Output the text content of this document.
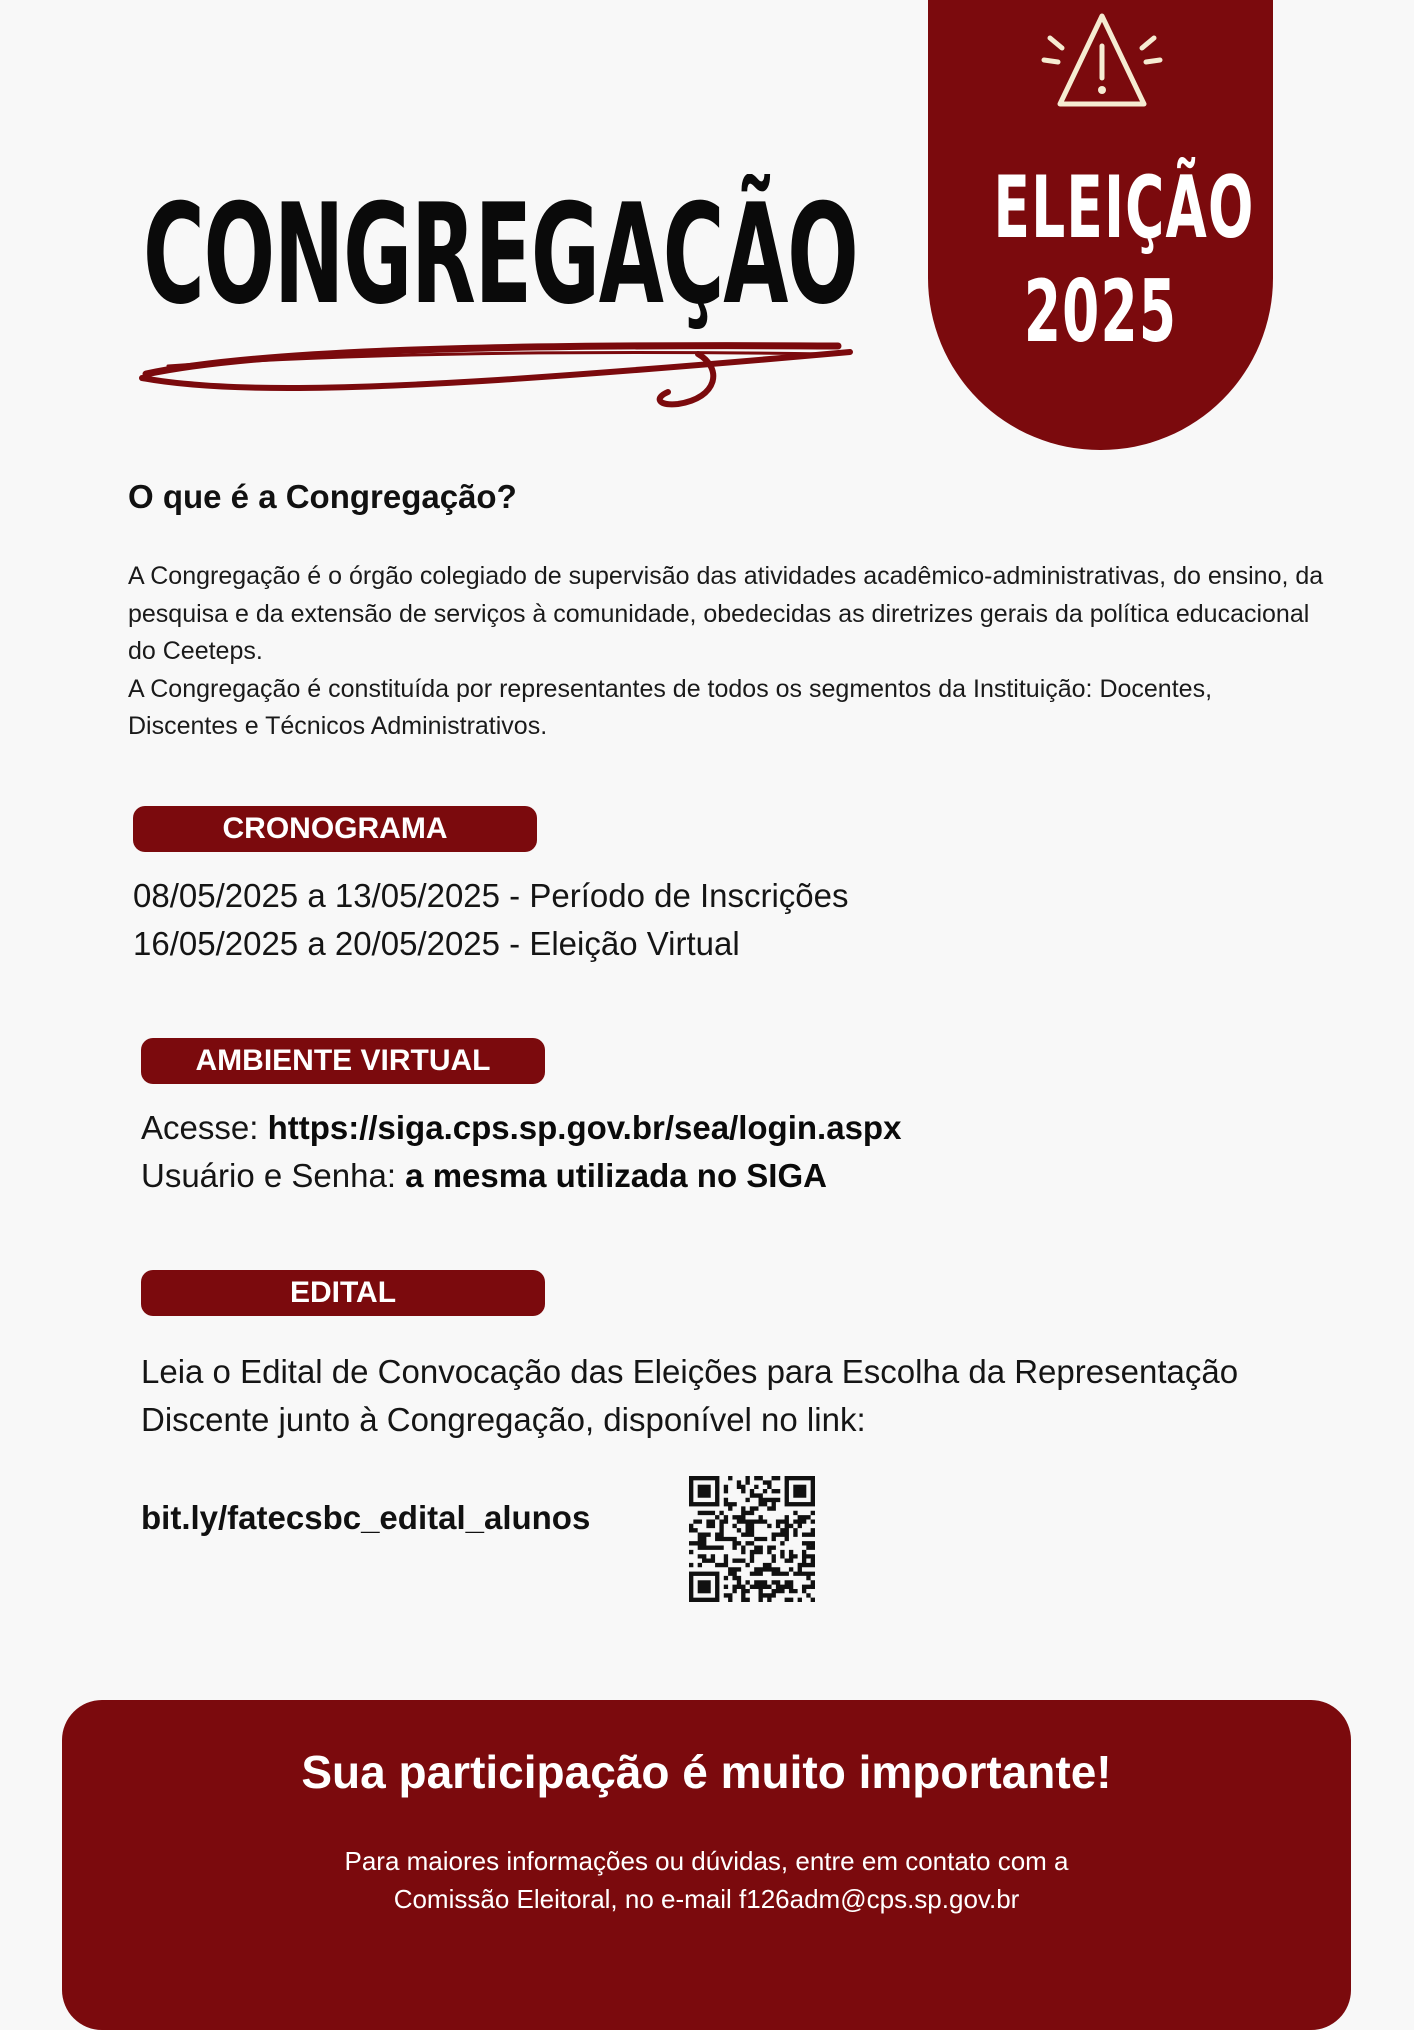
ELEIÇÃO
2025
CONGREGAÇÃO
O que é a Congregação?

A Congregação é o órgão colegiado de supervisão das atividades acadêmico-administrativas, do ensino, da pesquisa e da extensão de serviços à comunidade, obedecidas as diretrizes gerais da política educacional do Ceeteps.

A Congregação é constituída por representantes de todos os segmentos da Instituição: Docentes, Discentes e Técnicos Administrativos.

CRONOGRAMA
08/05/2025 a 13/05/2025 - Período de Inscrições
16/05/2025 a 20/05/2025 - Eleição Virtual
AMBIENTE VIRTUAL
Acesse: https://siga.cps.sp.gov.br/sea/login.aspx
Usuário e Senha: a mesma utilizada no SIGA
EDITAL
Leia o Edital de Convocação das Eleições para Escolha da Representação Discente junto à Congregação, disponível no link:
bit.ly/fatecsbc_edital_alunos
Sua participação é muito importante!

Para maiores informações ou dúvidas, entre em contato com a

Comissão Eleitoral, no e-mail f126adm@cps.sp.gov.br
